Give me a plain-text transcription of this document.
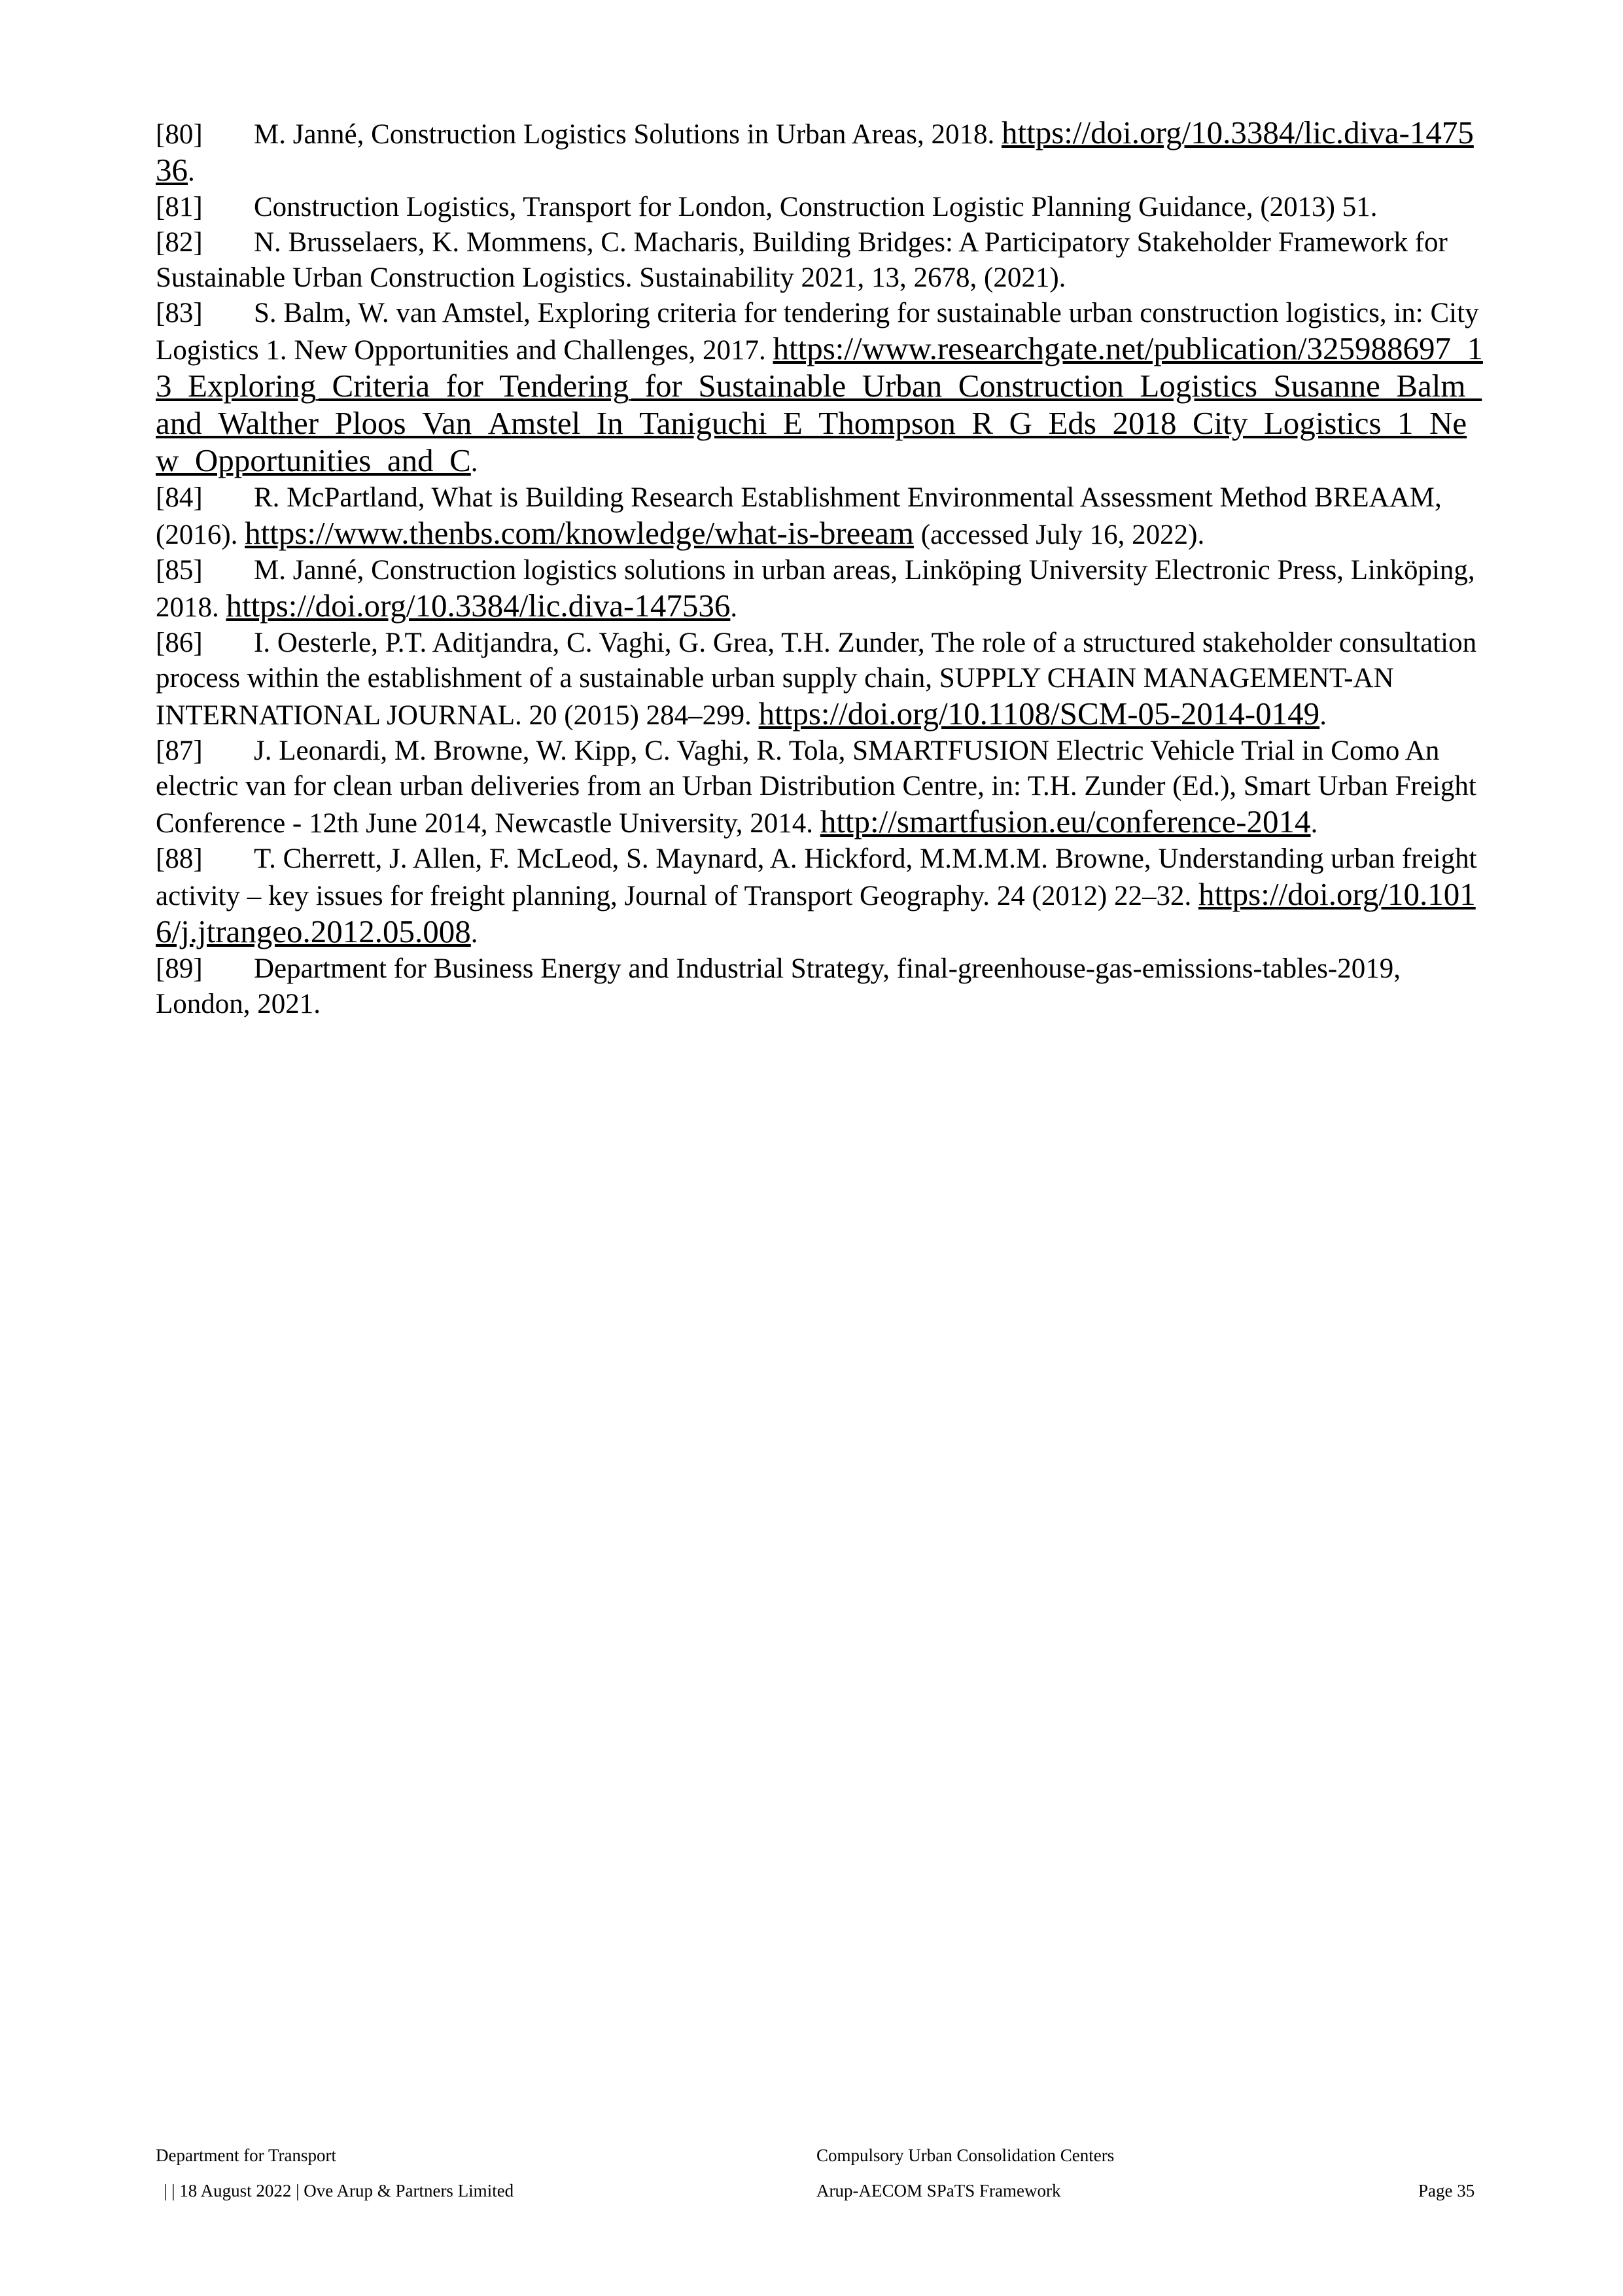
[80] M. Janné, Construction Logistics Solutions in Urban Areas, 2018. https://doi.org/10.3384/lic.diva-147536.

[81] Construction Logistics, Transport for London, Construction Logistic Planning Guidance, (2013) 51.

[82] N. Brusselaers, K. Mommens, C. Macharis, Building Bridges: A Participatory Stakeholder Framework for Sustainable Urban Construction Logistics. Sustainability 2021, 13, 2678, (2021).

[83] S. Balm, W. van Amstel, Exploring criteria for tendering for sustainable urban construction logistics, in: City Logistics 1. New Opportunities and Challenges, 2017. https://www.researchgate.net/publication/325988697_13_Exploring_Criteria_for_Tendering_for_Sustainable_Urban_Construction_Logistics_Susanne_Balm_and_Walther_Ploos_Van_Amstel_In_Taniguchi_E_Thompson_R_G_Eds_2018_City_Logistics_1_New_Opportunities_and_C.

[84] R. McPartland, What is Building Research Establishment Environmental Assessment Method BREAAM, (2016). https://www.thenbs.com/knowledge/what-is-breeam (accessed July 16, 2022).

[85] M. Janné, Construction logistics solutions in urban areas, Linköping University Electronic Press, Linköping, 2018. https://doi.org/10.3384/lic.diva-147536.

[86] I. Oesterle, P.T. Aditjandra, C. Vaghi, G. Grea, T.H. Zunder, The role of a structured stakeholder consultation process within the establishment of a sustainable urban supply chain, SUPPLY CHAIN MANAGEMENT-AN INTERNATIONAL JOURNAL. 20 (2015) 284–299. https://doi.org/10.1108/SCM-05-2014-0149.

[87] J. Leonardi, M. Browne, W. Kipp, C. Vaghi, R. Tola, SMARTFUSION Electric Vehicle Trial in Como An electric van for clean urban deliveries from an Urban Distribution Centre, in: T.H. Zunder (Ed.), Smart Urban Freight Conference - 12th June 2014, Newcastle University, 2014. http://smartfusion.eu/conference-2014.

[88] T. Cherrett, J. Allen, F. McLeod, S. Maynard, A. Hickford, M.M.M.M. Browne, Understanding urban freight activity – key issues for freight planning, Journal of Transport Geography. 24 (2012) 22–32. https://doi.org/10.1016/j.jtrangeo.2012.05.008.

[89] Department for Business Energy and Industrial Strategy, final-greenhouse-gas-emissions-tables-2019, London, 2021.

Department for Transport	Compulsory Urban Consolidation Centers
| | 18 August 2022 | Ove Arup & Partners Limited	Arup-AECOM SPaTS Framework	Page 35
